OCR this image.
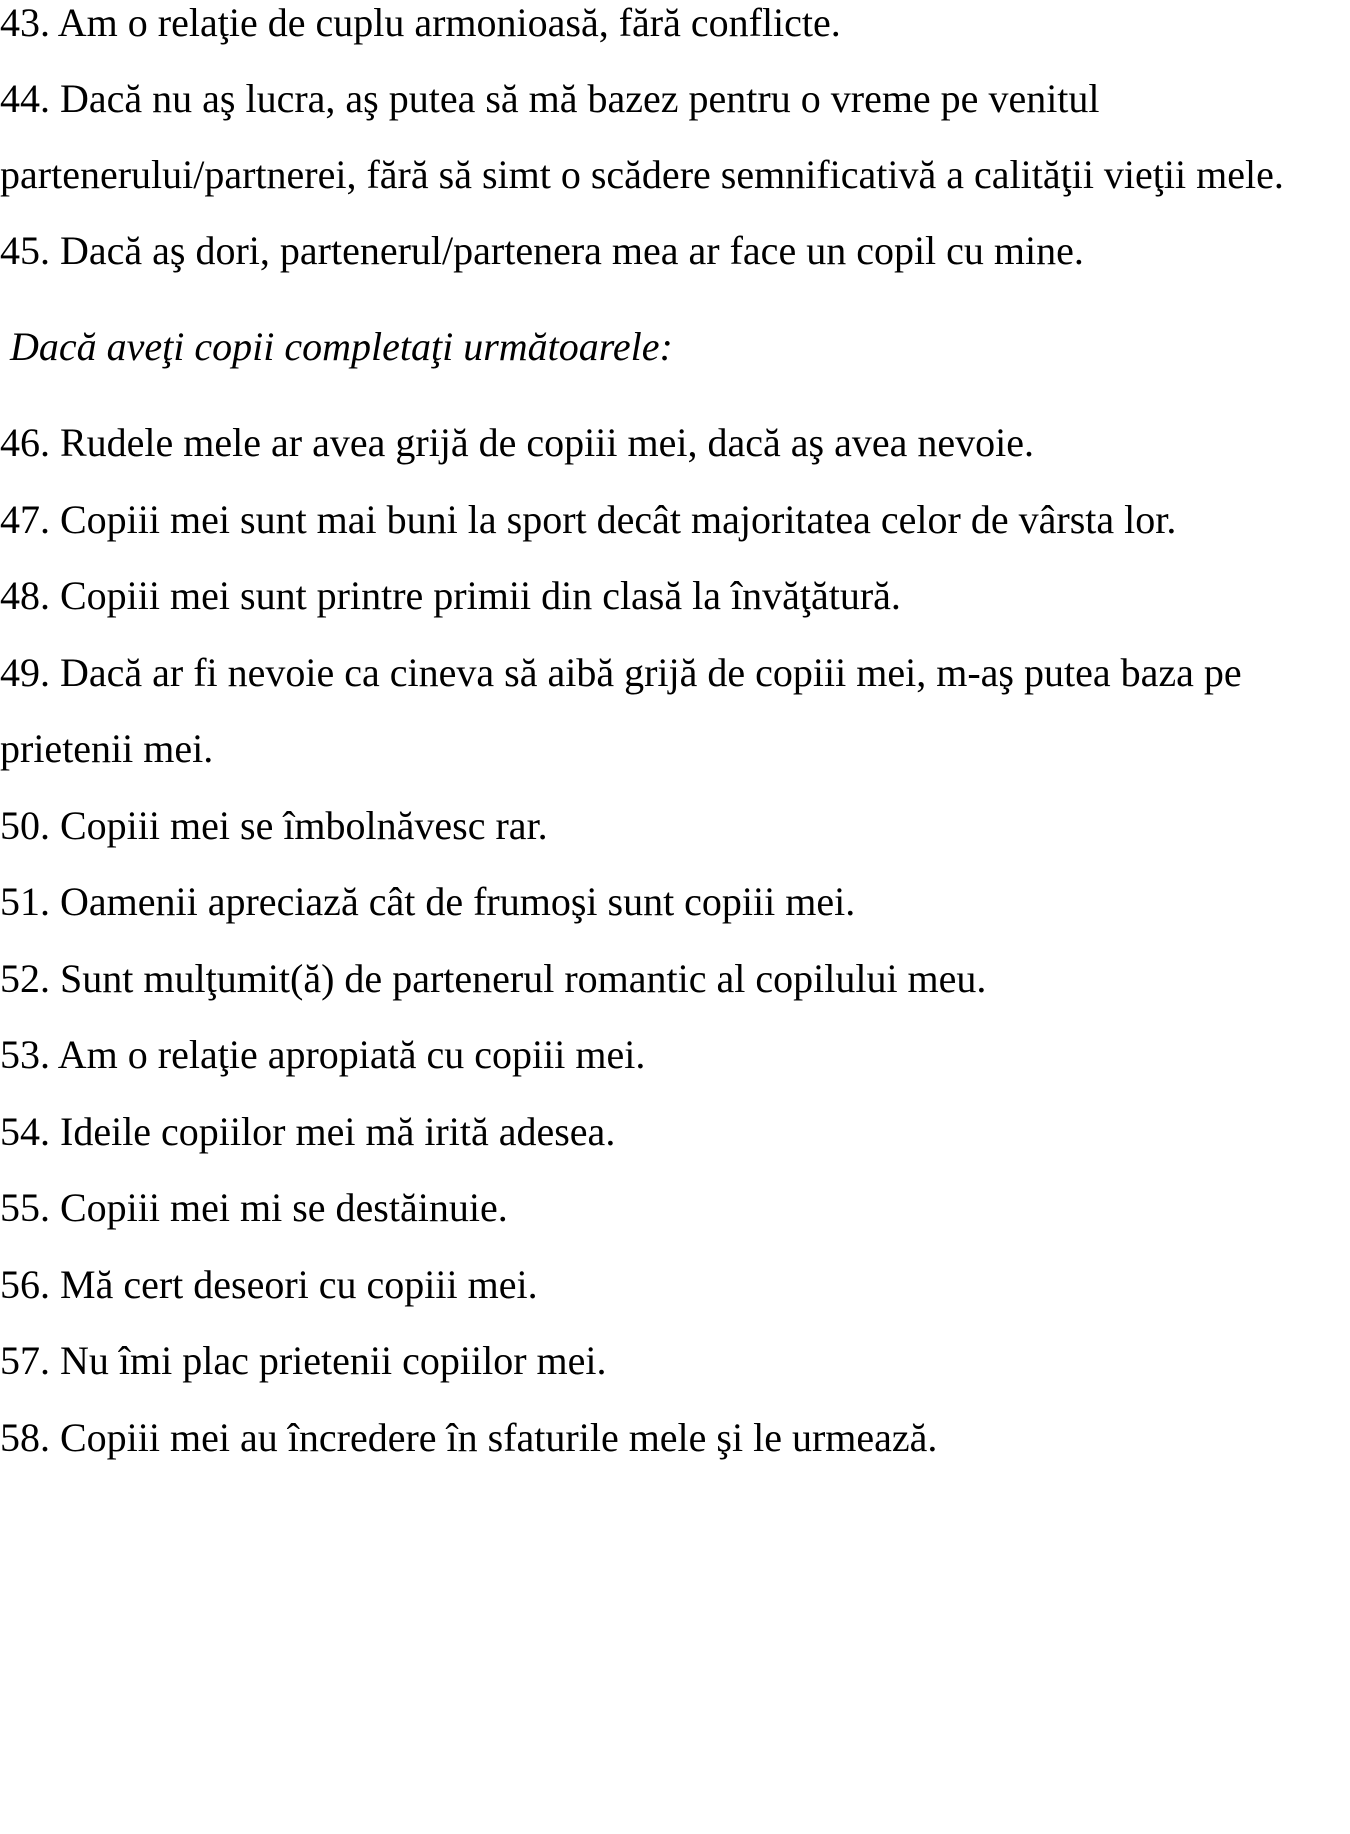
43. Am o relaţie de cuplu armonioasă, fără conflicte.

44. Dacă nu aş lucra, aş putea să mă bazez pentru o vreme pe venitul

partenerului/partnerei, fără să simt o scădere semnificativă a calităţii vieţii mele.

45. Dacă aş dori, partenerul/partenera mea ar face un copil cu mine.

Dacă aveţi copii completaţi următoarele:

46. Rudele mele ar avea grijă de copiii mei, dacă aş avea nevoie.

47. Copiii mei sunt mai buni la sport decât majoritatea celor de vârsta lor.

48. Copiii mei sunt printre primii din clasă la învăţătură.

49. Dacă ar fi nevoie ca cineva să aibă grijă de copiii mei, m-aş putea baza pe

prietenii mei.

50. Copiii mei se îmbolnăvesc rar.

51. Oamenii apreciază cât de frumoşi sunt copiii mei.

52. Sunt mulţumit(ă) de partenerul romantic al copilului meu.

53. Am o relaţie apropiată cu copiii mei.

54. Ideile copiilor mei mă irită adesea.

55. Copiii mei mi se destăinuie.

56. Mă cert deseori cu copiii mei.

57. Nu îmi plac prietenii copiilor mei.

58. Copiii mei au încredere în sfaturile mele şi le urmează.
